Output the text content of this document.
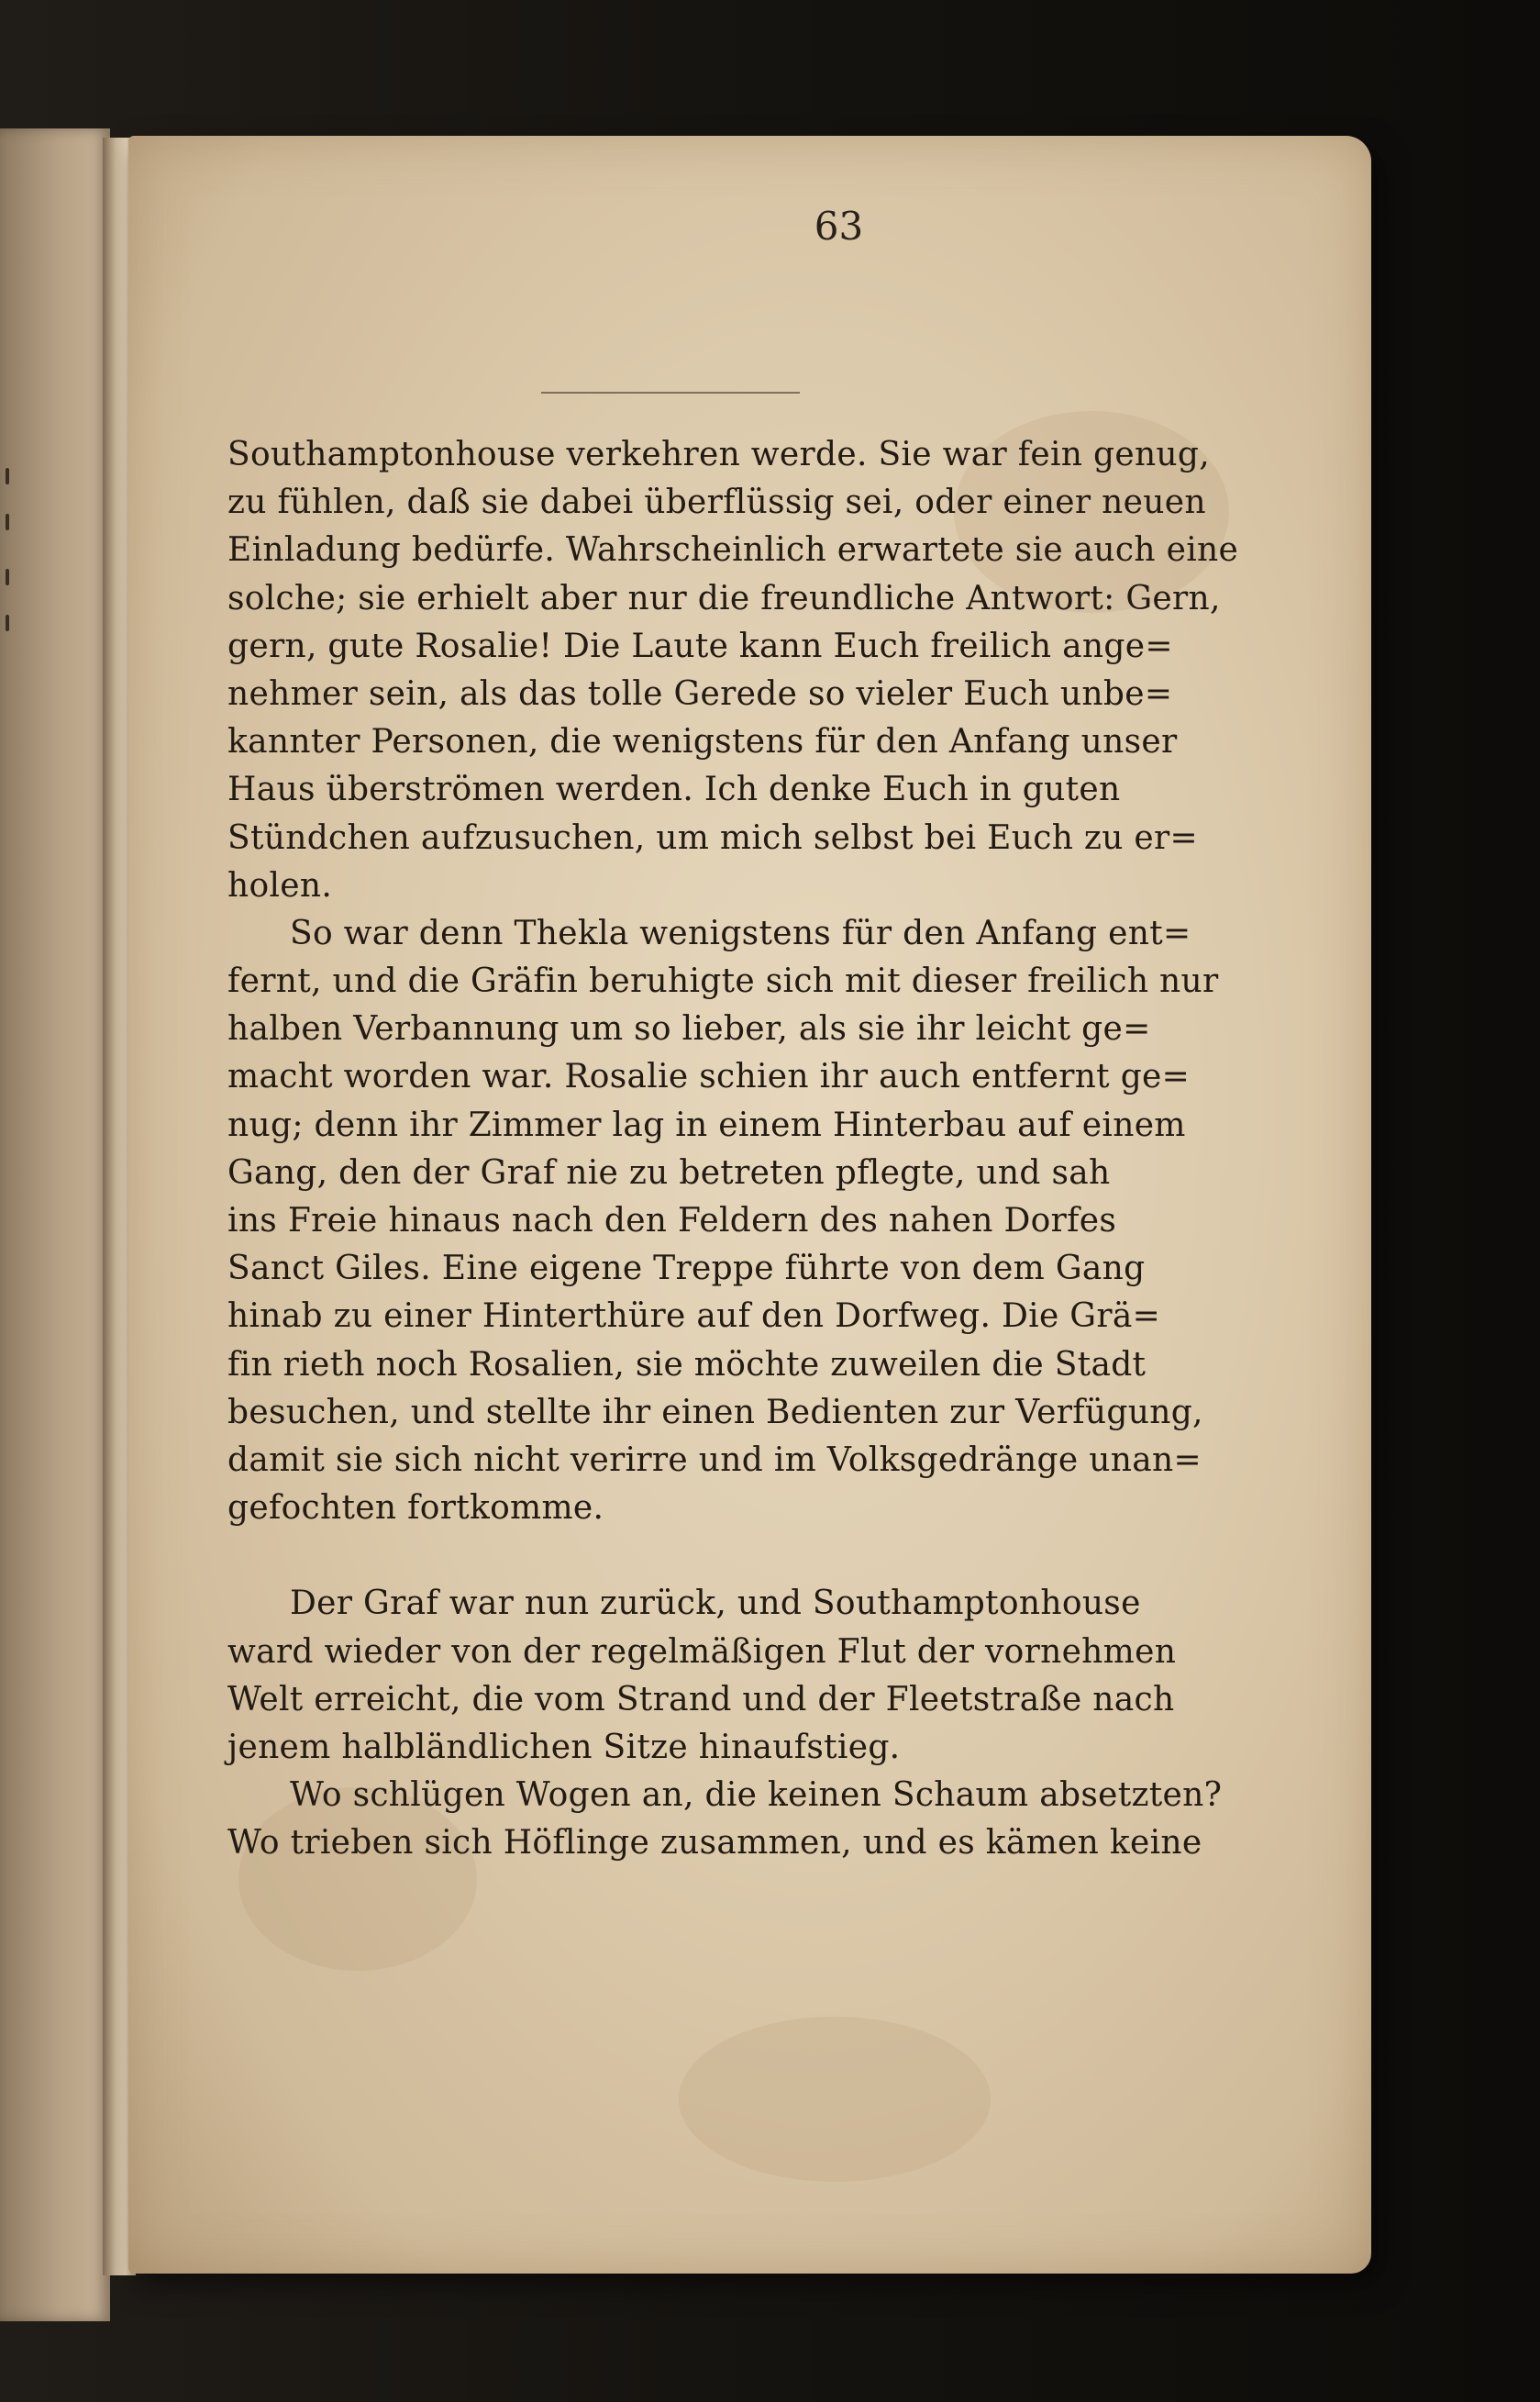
63
Southamptonhouse verkehren werde. Sie war fein genug,
zu fühlen, daß sie dabei überflüssig sei, oder einer neuen
Einladung bedürfe. Wahrscheinlich erwartete sie auch eine
solche; sie erhielt aber nur die freundliche Antwort: Gern,
gern, gute Rosalie! Die Laute kann Euch freilich ange=
nehmer sein, als das tolle Gerede so vieler Euch unbe=
kannter Personen, die wenigstens für den Anfang unser
Haus überströmen werden. Ich denke Euch in guten
Stündchen aufzusuchen, um mich selbst bei Euch zu er=
holen.
So war denn Thekla wenigstens für den Anfang ent=
fernt, und die Gräfin beruhigte sich mit dieser freilich nur
halben Verbannung um so lieber, als sie ihr leicht ge=
macht worden war. Rosalie schien ihr auch entfernt ge=
nug; denn ihr Zimmer lag in einem Hinterbau auf einem
Gang, den der Graf nie zu betreten pflegte, und sah
ins Freie hinaus nach den Feldern des nahen Dorfes
Sanct Giles. Eine eigene Treppe führte von dem Gang
hinab zu einer Hinterthüre auf den Dorfweg. Die Grä=
fin rieth noch Rosalien, sie möchte zuweilen die Stadt
besuchen, und stellte ihr einen Bedienten zur Verfügung,
damit sie sich nicht verirre und im Volksgedränge unan=
gefochten fortkomme.
Der Graf war nun zurück, und Southamptonhouse
ward wieder von der regelmäßigen Flut der vornehmen
Welt erreicht, die vom Strand und der Fleetstraße nach
jenem halbländlichen Sitze hinaufstieg.
Wo schlügen Wogen an, die keinen Schaum absetzten?
Wo trieben sich Höflinge zusammen, und es kämen keine
